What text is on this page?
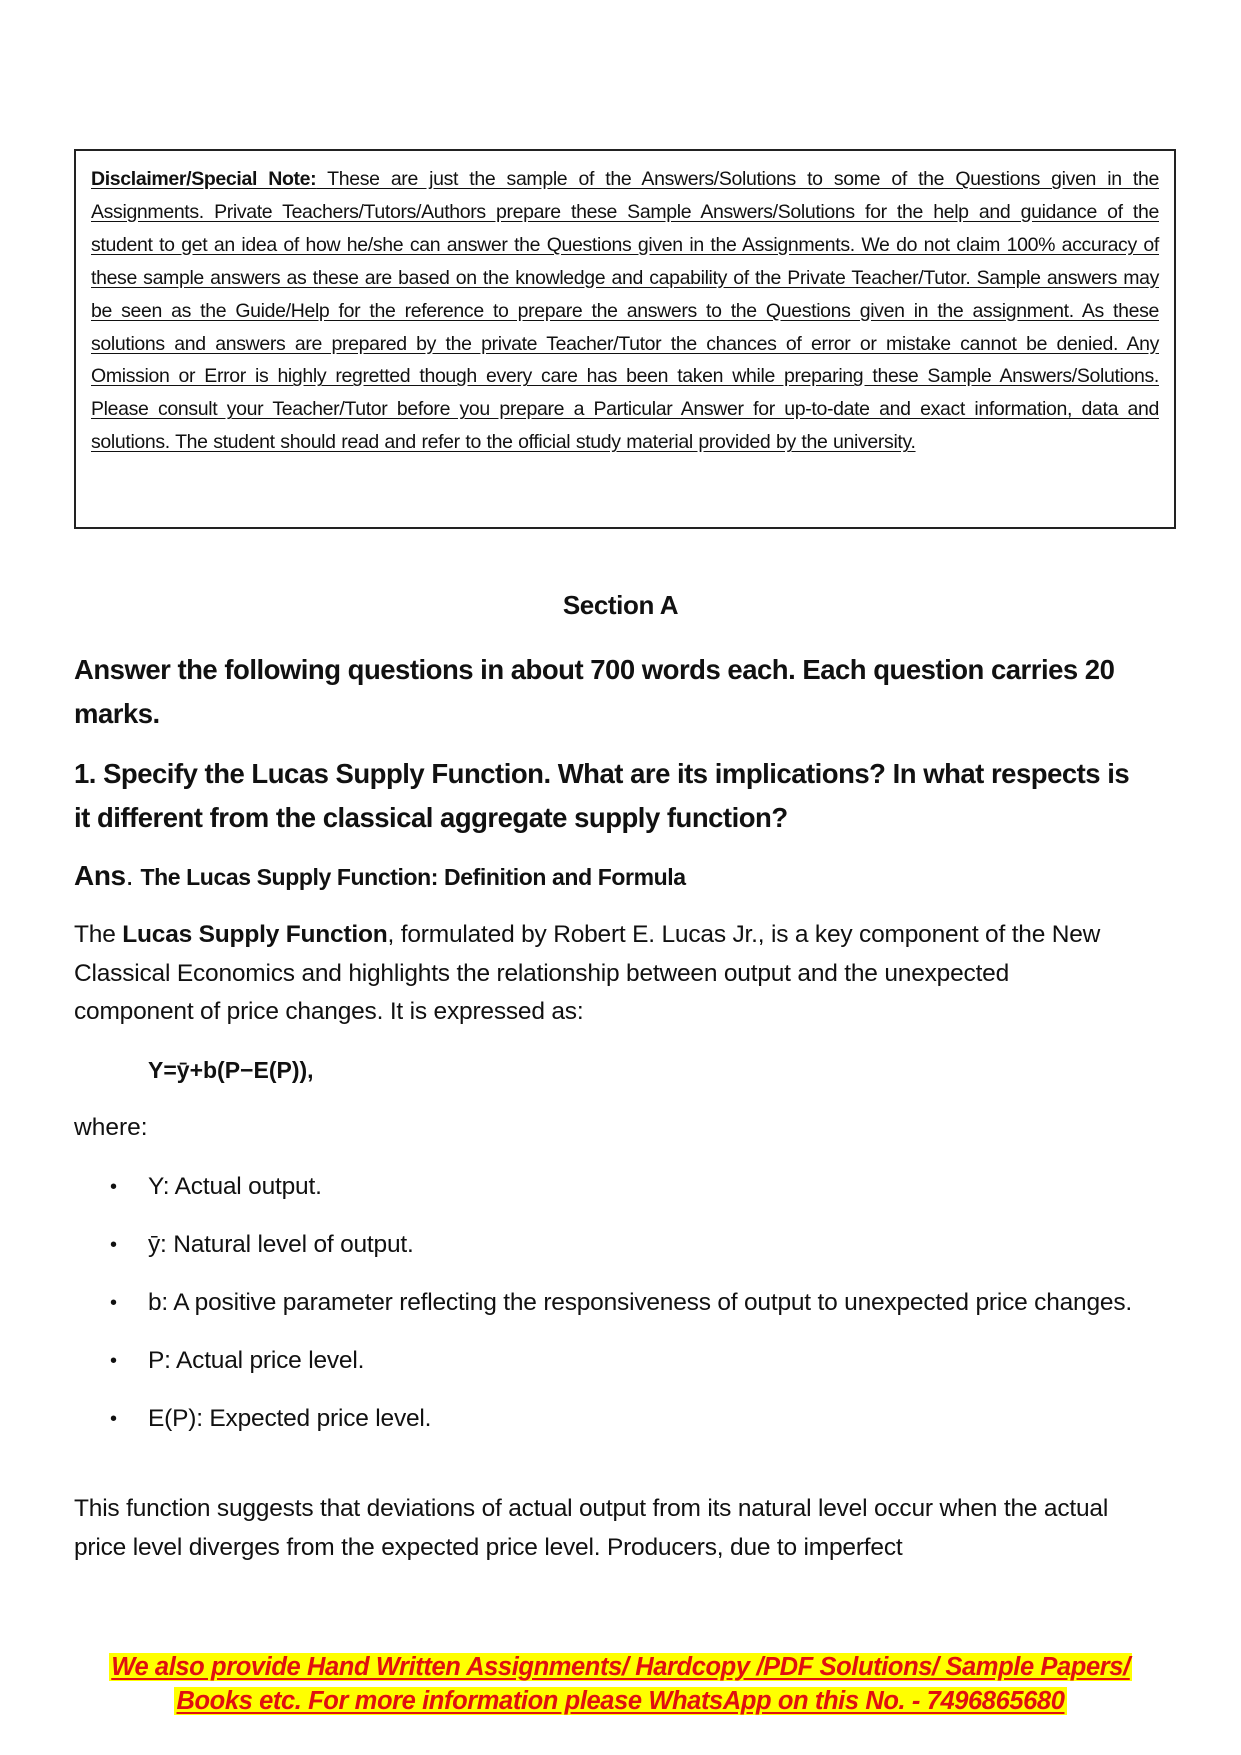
Disclaimer/Special Note: These are just the sample of the Answers/Solutions to some of the Questions given in the Assignments. Private Teachers/Tutors/Authors prepare these Sample Answers/Solutions for the help and guidance of the student to get an idea of how he/she can answer the Questions given in the Assignments. We do not claim 100% accuracy of these sample answers as these are based on the knowledge and capability of the Private Teacher/Tutor. Sample answers may be seen as the Guide/Help for the reference to prepare the answers to the Questions given in the assignment. As these solutions and answers are prepared by the private Teacher/Tutor the chances of error or mistake cannot be denied. Any Omission or Error is highly regretted though every care has been taken while preparing these Sample Answers/Solutions. Please consult your Teacher/Tutor before you prepare a Particular Answer for up-to-date and exact information, data and solutions. The student should read and refer to the official study material provided by the university.

Section A
Answer the following questions in about 700 words each. Each question carries 20 marks.
1. Specify the Lucas Supply Function. What are its implications? In what respects is it different from the classical aggregate supply function?
Ans. The Lucas Supply Function: Definition and Formula
The Lucas Supply Function, formulated by Robert E. Lucas Jr., is a key component of the New Classical Economics and highlights the relationship between output and the unexpected component of price changes. It is expressed as:
Y=ȳ+b(P−E(P)),
where:
• Y: Actual output.
• ȳ: Natural level of output.
• b: A positive parameter reflecting the responsiveness of output to unexpected price changes.
• P: Actual price level.
• E(P): Expected price level.
This function suggests that deviations of actual output from its natural level occur when the actual price level diverges from the expected price level. Producers, due to imperfect
We also provide Hand Written Assignments/ Hardcopy /PDF Solutions/ Sample Papers/
Books etc. For more information please WhatsApp on this No. - 7496865680
